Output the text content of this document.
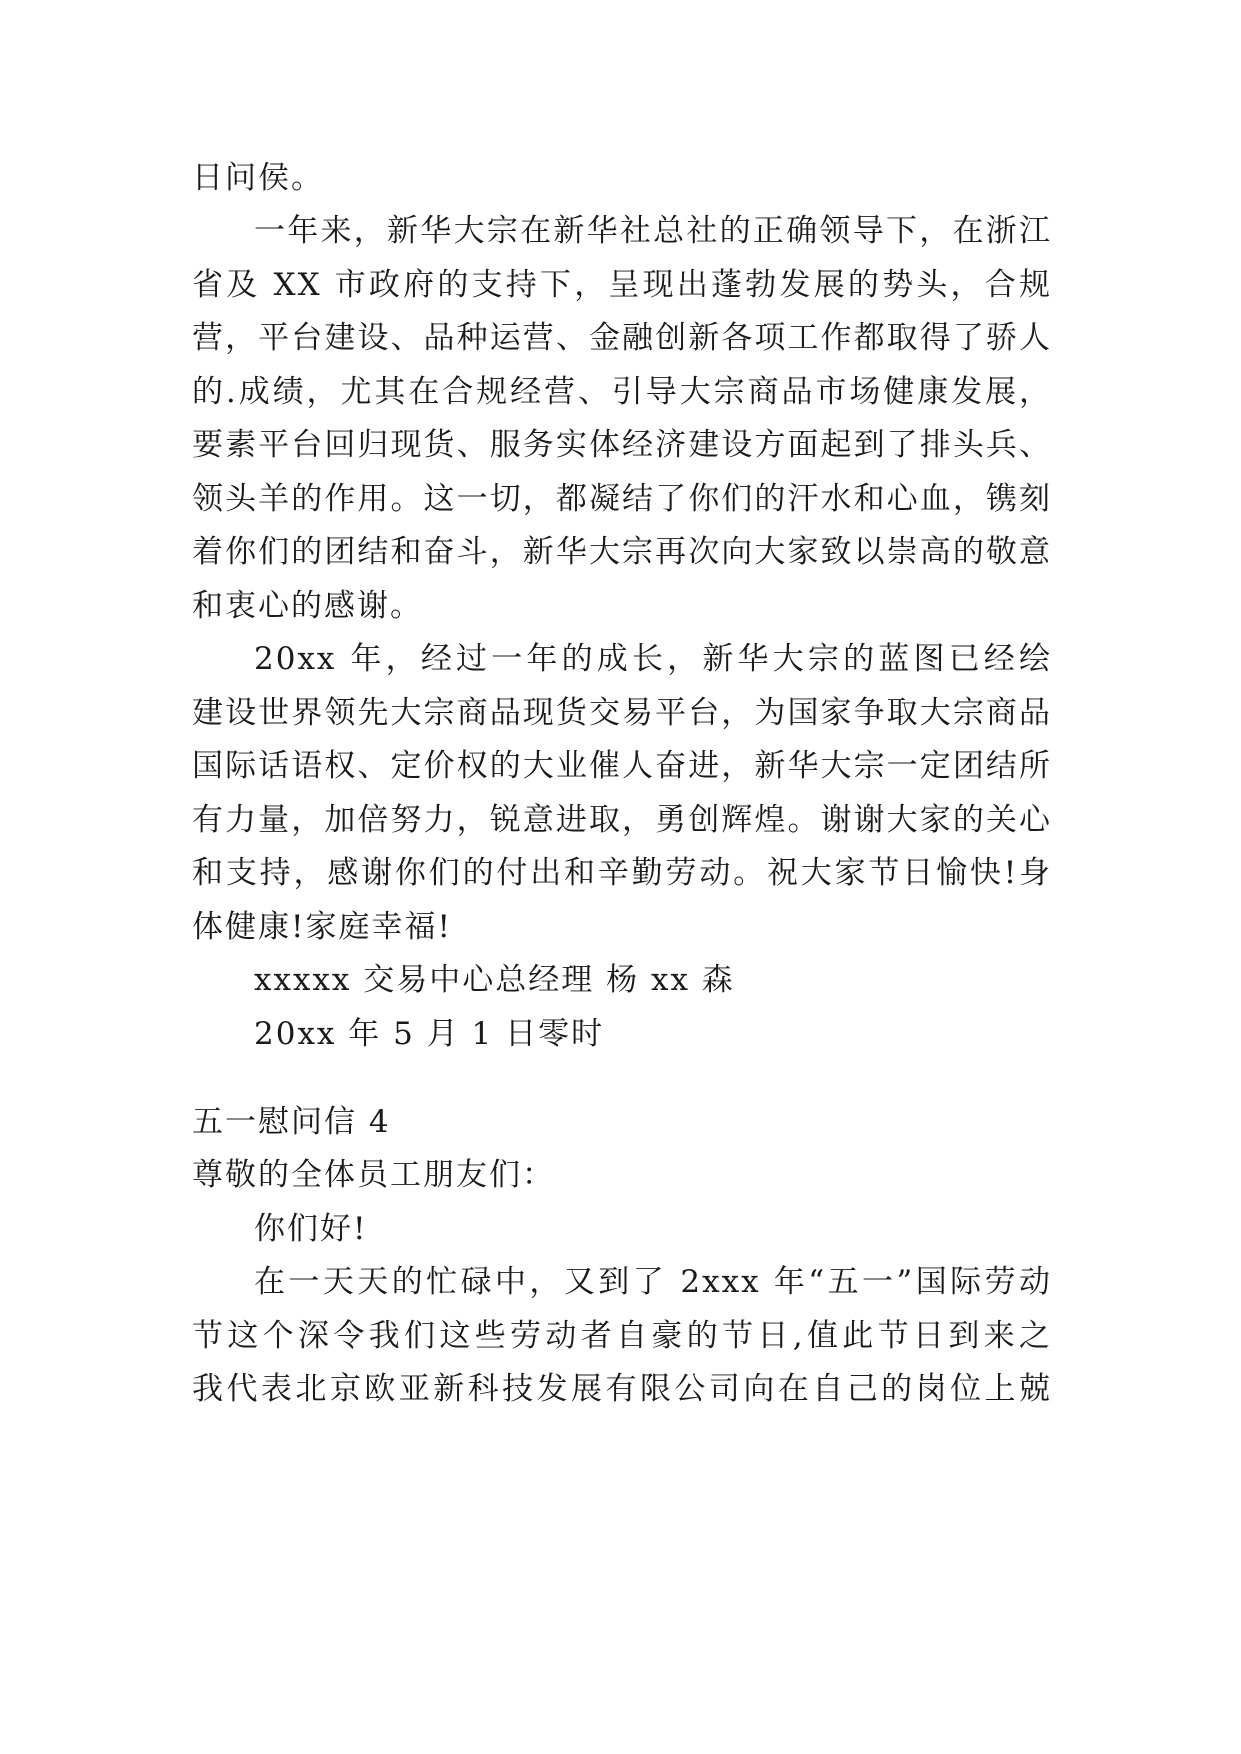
日问侯。
一年来，新华大宗在新华社总社的正确领导下，在浙江
省及 XX 市政府的支持下，呈现出蓬勃发展的势头，合规
营，平台建设、品种运营、金融创新各项工作都取得了骄人
的.成绩，尤其在合规经营、引导大宗商品市场健康发展，
要素平台回归现货、服务实体经济建设方面起到了排头兵、
领头羊的作用。这一切，都凝结了你们的汗水和心血，镌刻
着你们的团结和奋斗，新华大宗再次向大家致以崇高的敬意
和衷心的感谢。
20xx 年，经过一年的成长，新华大宗的蓝图已经绘
建设世界领先大宗商品现货交易平台，为国家争取大宗商品
国际话语权、定价权的大业催人奋进，新华大宗一定团结所
有力量，加倍努力，锐意进取，勇创辉煌。谢谢大家的关心
和支持，感谢你们的付出和辛勤劳动。祝大家节日愉快!身
体健康!家庭幸福!
xxxxx 交易中心总经理 杨 xx 森
20xx 年 5 月 1 日零时
五一慰问信 4
尊敬的全体员工朋友们：
你们好!
在一天天的忙碌中，又到了 2xxx 年“五一”国际劳动
节这个深令我们这些劳动者自豪的节日,值此节日到来之
我代表北京欧亚新科技发展有限公司向在自己的岗位上兢
